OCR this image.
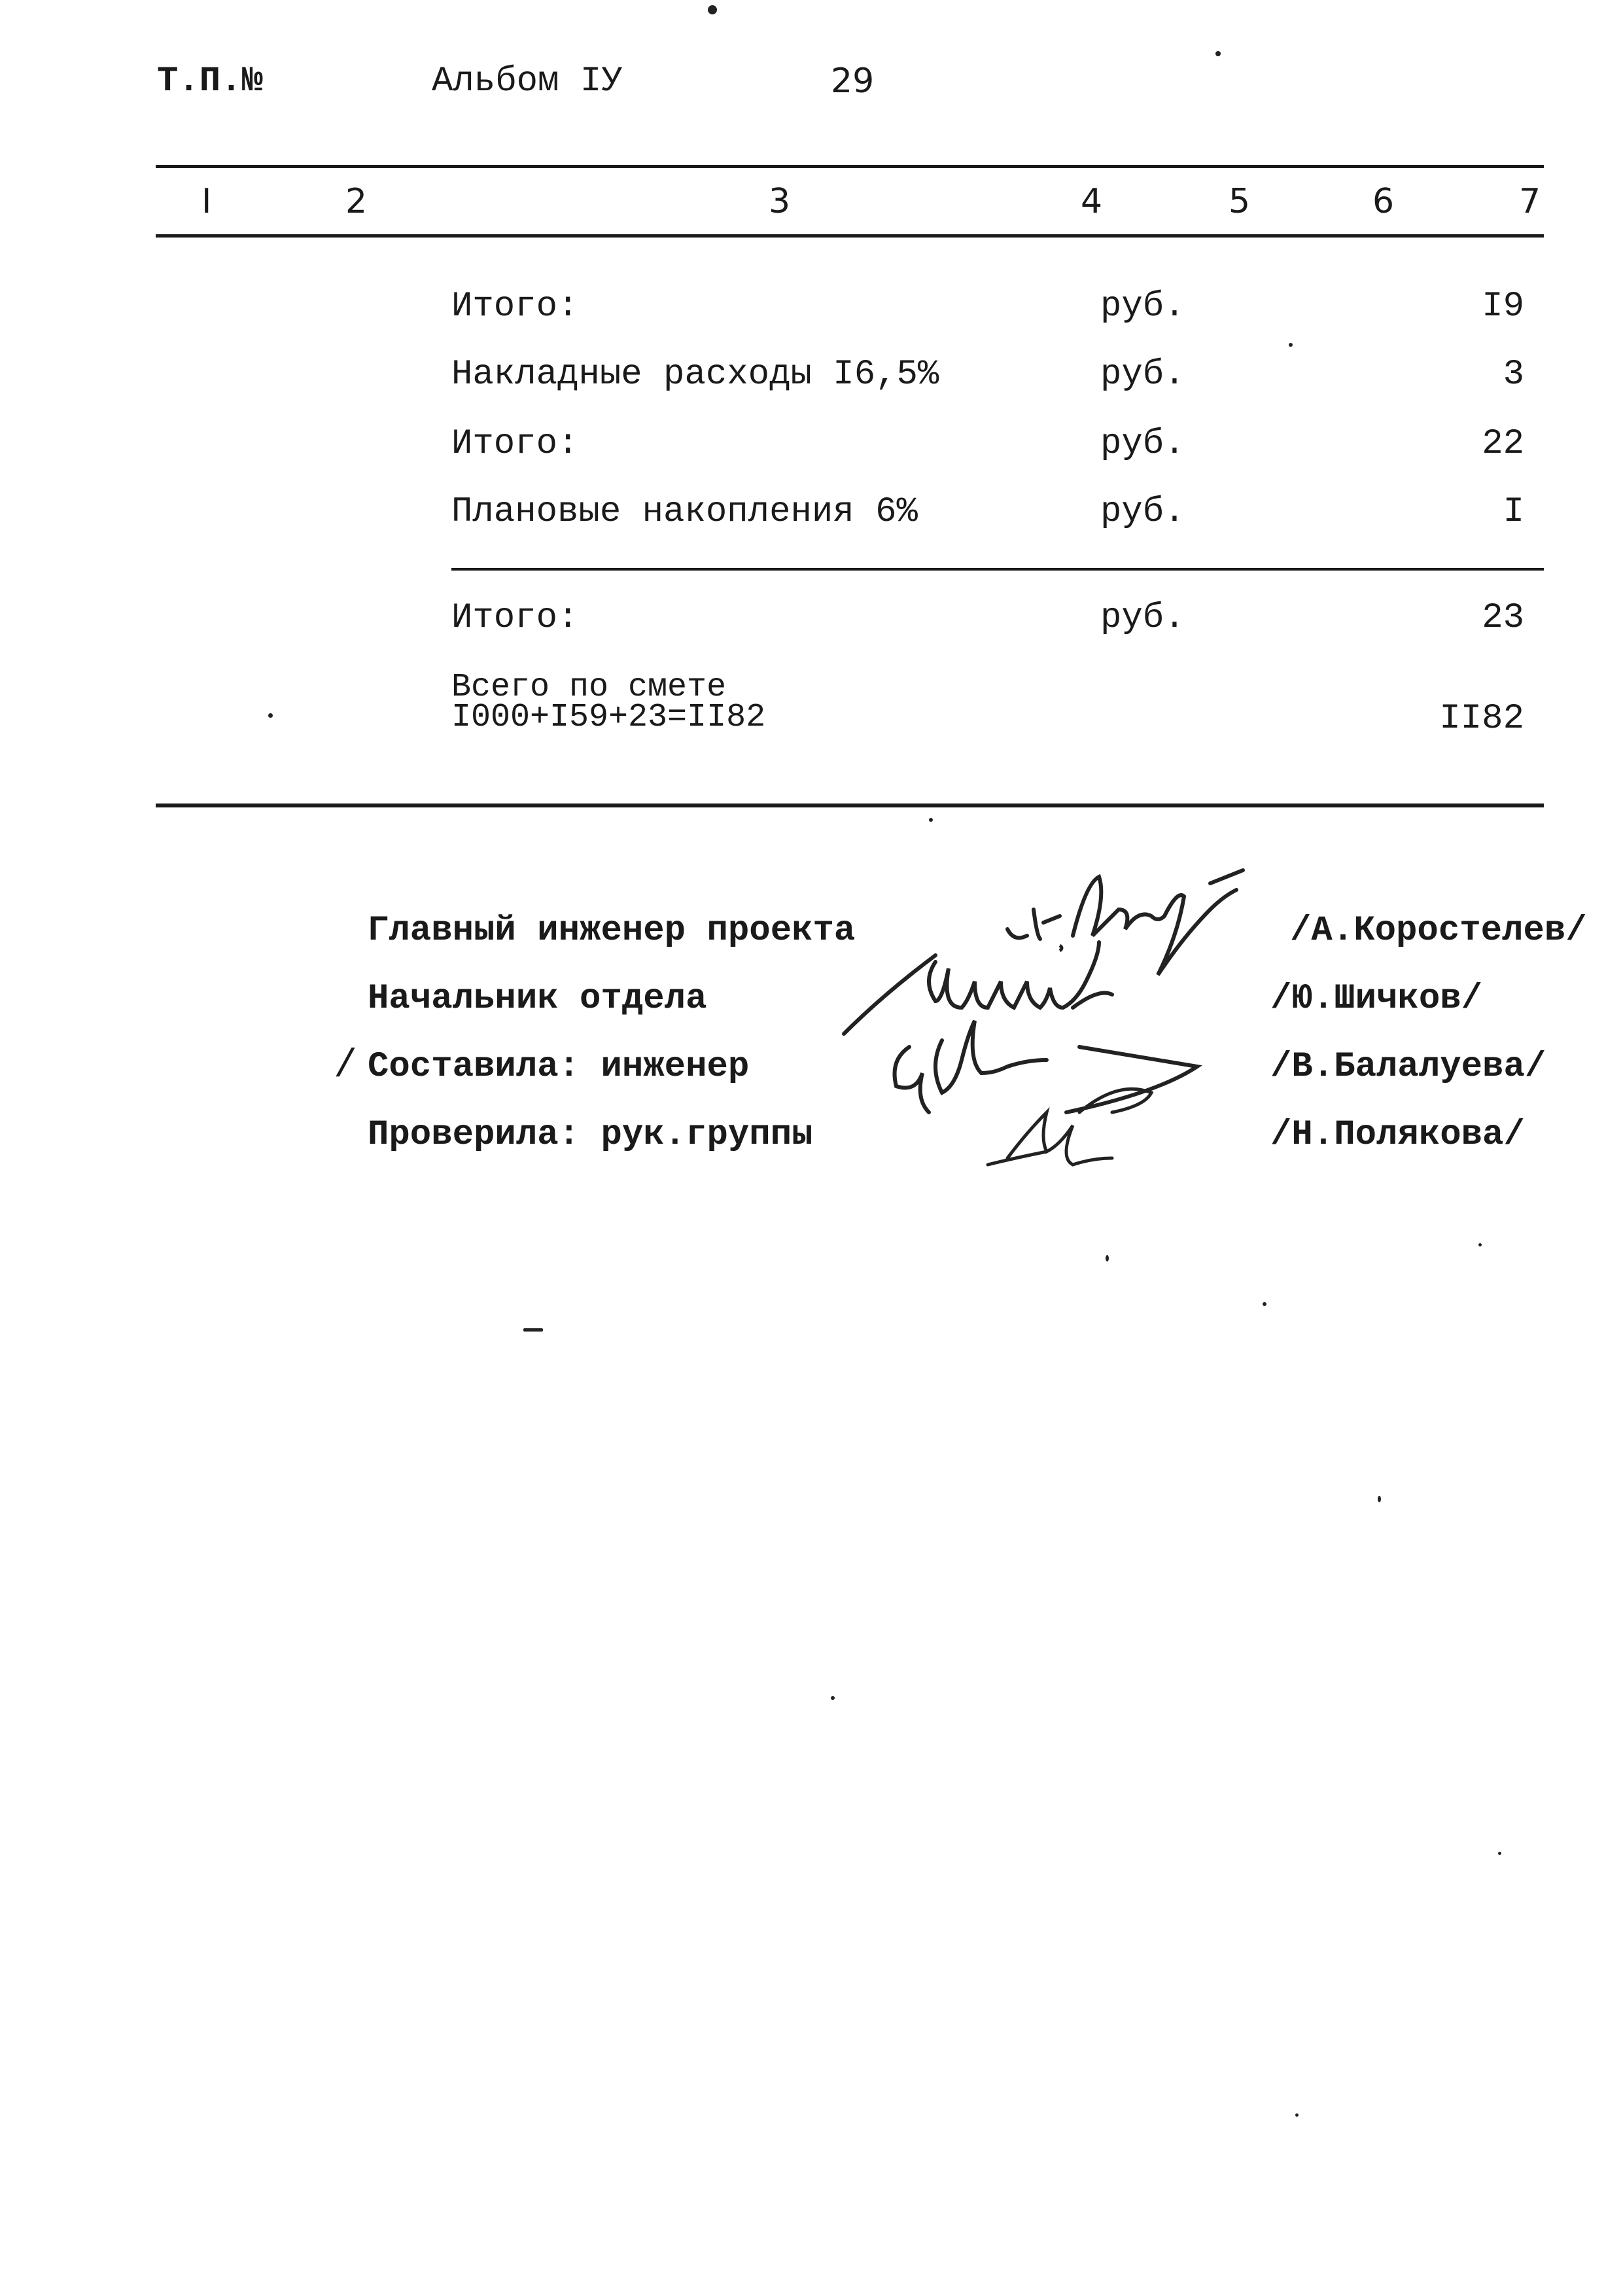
Т.П.№	Альбом IУ	29
I	2	3	4	5	6	7
Итого:	руб.	I9
Накладные расходы I6,5%	руб.	3
Итого:	руб.	22
Плановые накопления 6%	руб.	I
Итого:	руб.	23
Всего по смете
I000+I59+23=II82	II82
Главный инженер проекта	/А.Коростелев/
Начальник отдела	/Ю.Шичков/
Составила: инженер	/В.Балалуева/
Проверила: рук.группы	/Н.Полякова/
/
